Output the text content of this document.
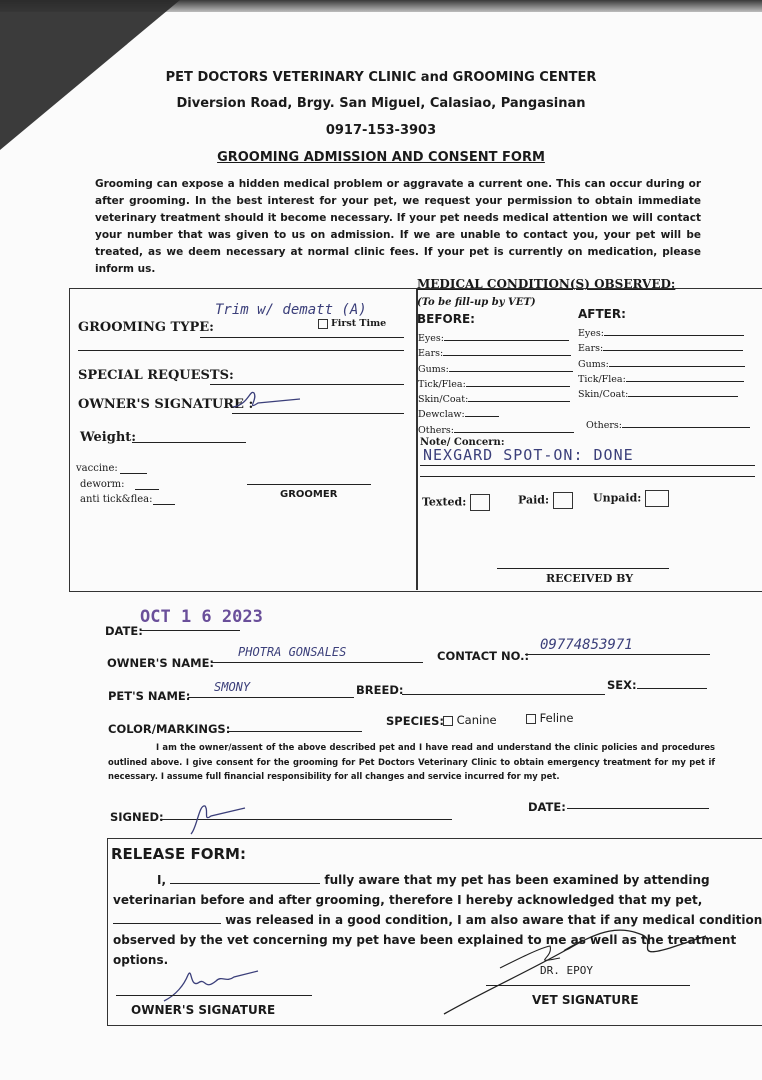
PET DOCTORS VETERINARY CLINIC and GROOMING CENTER
Diversion Road, Brgy. San Miguel, Calasiao, Pangasinan
0917-153-3903
GROOMING ADMISSION AND CONSENT FORM
Grooming can expose a hidden medical problem or aggravate a current one. This can occur during or after grooming. In the best interest for your pet, we request your permission to obtain immediate veterinary treatment should it become necessary. If your pet needs medical attention we will contact your number that was given to us on admission. If we are unable to contact you, your pet will be treated, as we deem necessary at normal clinic fees. If your pet is currently on medication, please inform us.
GROOMING TYPE:
Trim w/ dematt (A)
First Time
SPECIAL REQUESTS:
OWNER'S SIGNATURE :
Weight:
vaccine:
deworm:
anti tick&flea:	GROOMER
MEDICAL CONDITION(S) OBSERVED:
(To be fill-up by VET)
BEFORE:	AFTER:
Eyes:
Ears:
Gums:
Tick/Flea:
Skin/Coat:
Dewclaw:
Others:
Eyes:
Ears:
Gums:
Tick/Flea:
Skin/Coat:
Others:
Note/ Concern:
NEXGARD SPOT-ON: DONE
Texted:	Paid:	Unpaid:
RECEIVED BY
DATE:
OCT 1 6 2023
OWNER'S NAME:
PHOTRA GONSALES	CONTACT NO.:
09774853971
PET'S NAME:
SMONY	BREED:	SEX:
COLOR/MARKINGS:
SPECIES:	Canine	Feline
I am the owner/assent of the above described pet and I have read and understand the clinic policies and procedures outlined above. I give consent for the grooming for Pet Doctors Veterinary Clinic to obtain emergency treatment for my pet if necessary. I assume full financial responsibility for all changes and service incurred for my pet.
SIGNED:
DATE:
RELEASE FORM:
I,	fully aware that my pet has been examined by attending veterinarian before and after grooming, therefore I hereby acknowledged that my pet,  was released in a good condition, I am also aware that if any medical condition observed by the vet concerning my pet have been explained to me as well as the treatment options.
OWNER'S SIGNATURE
DR. EPOY
VET SIGNATURE
